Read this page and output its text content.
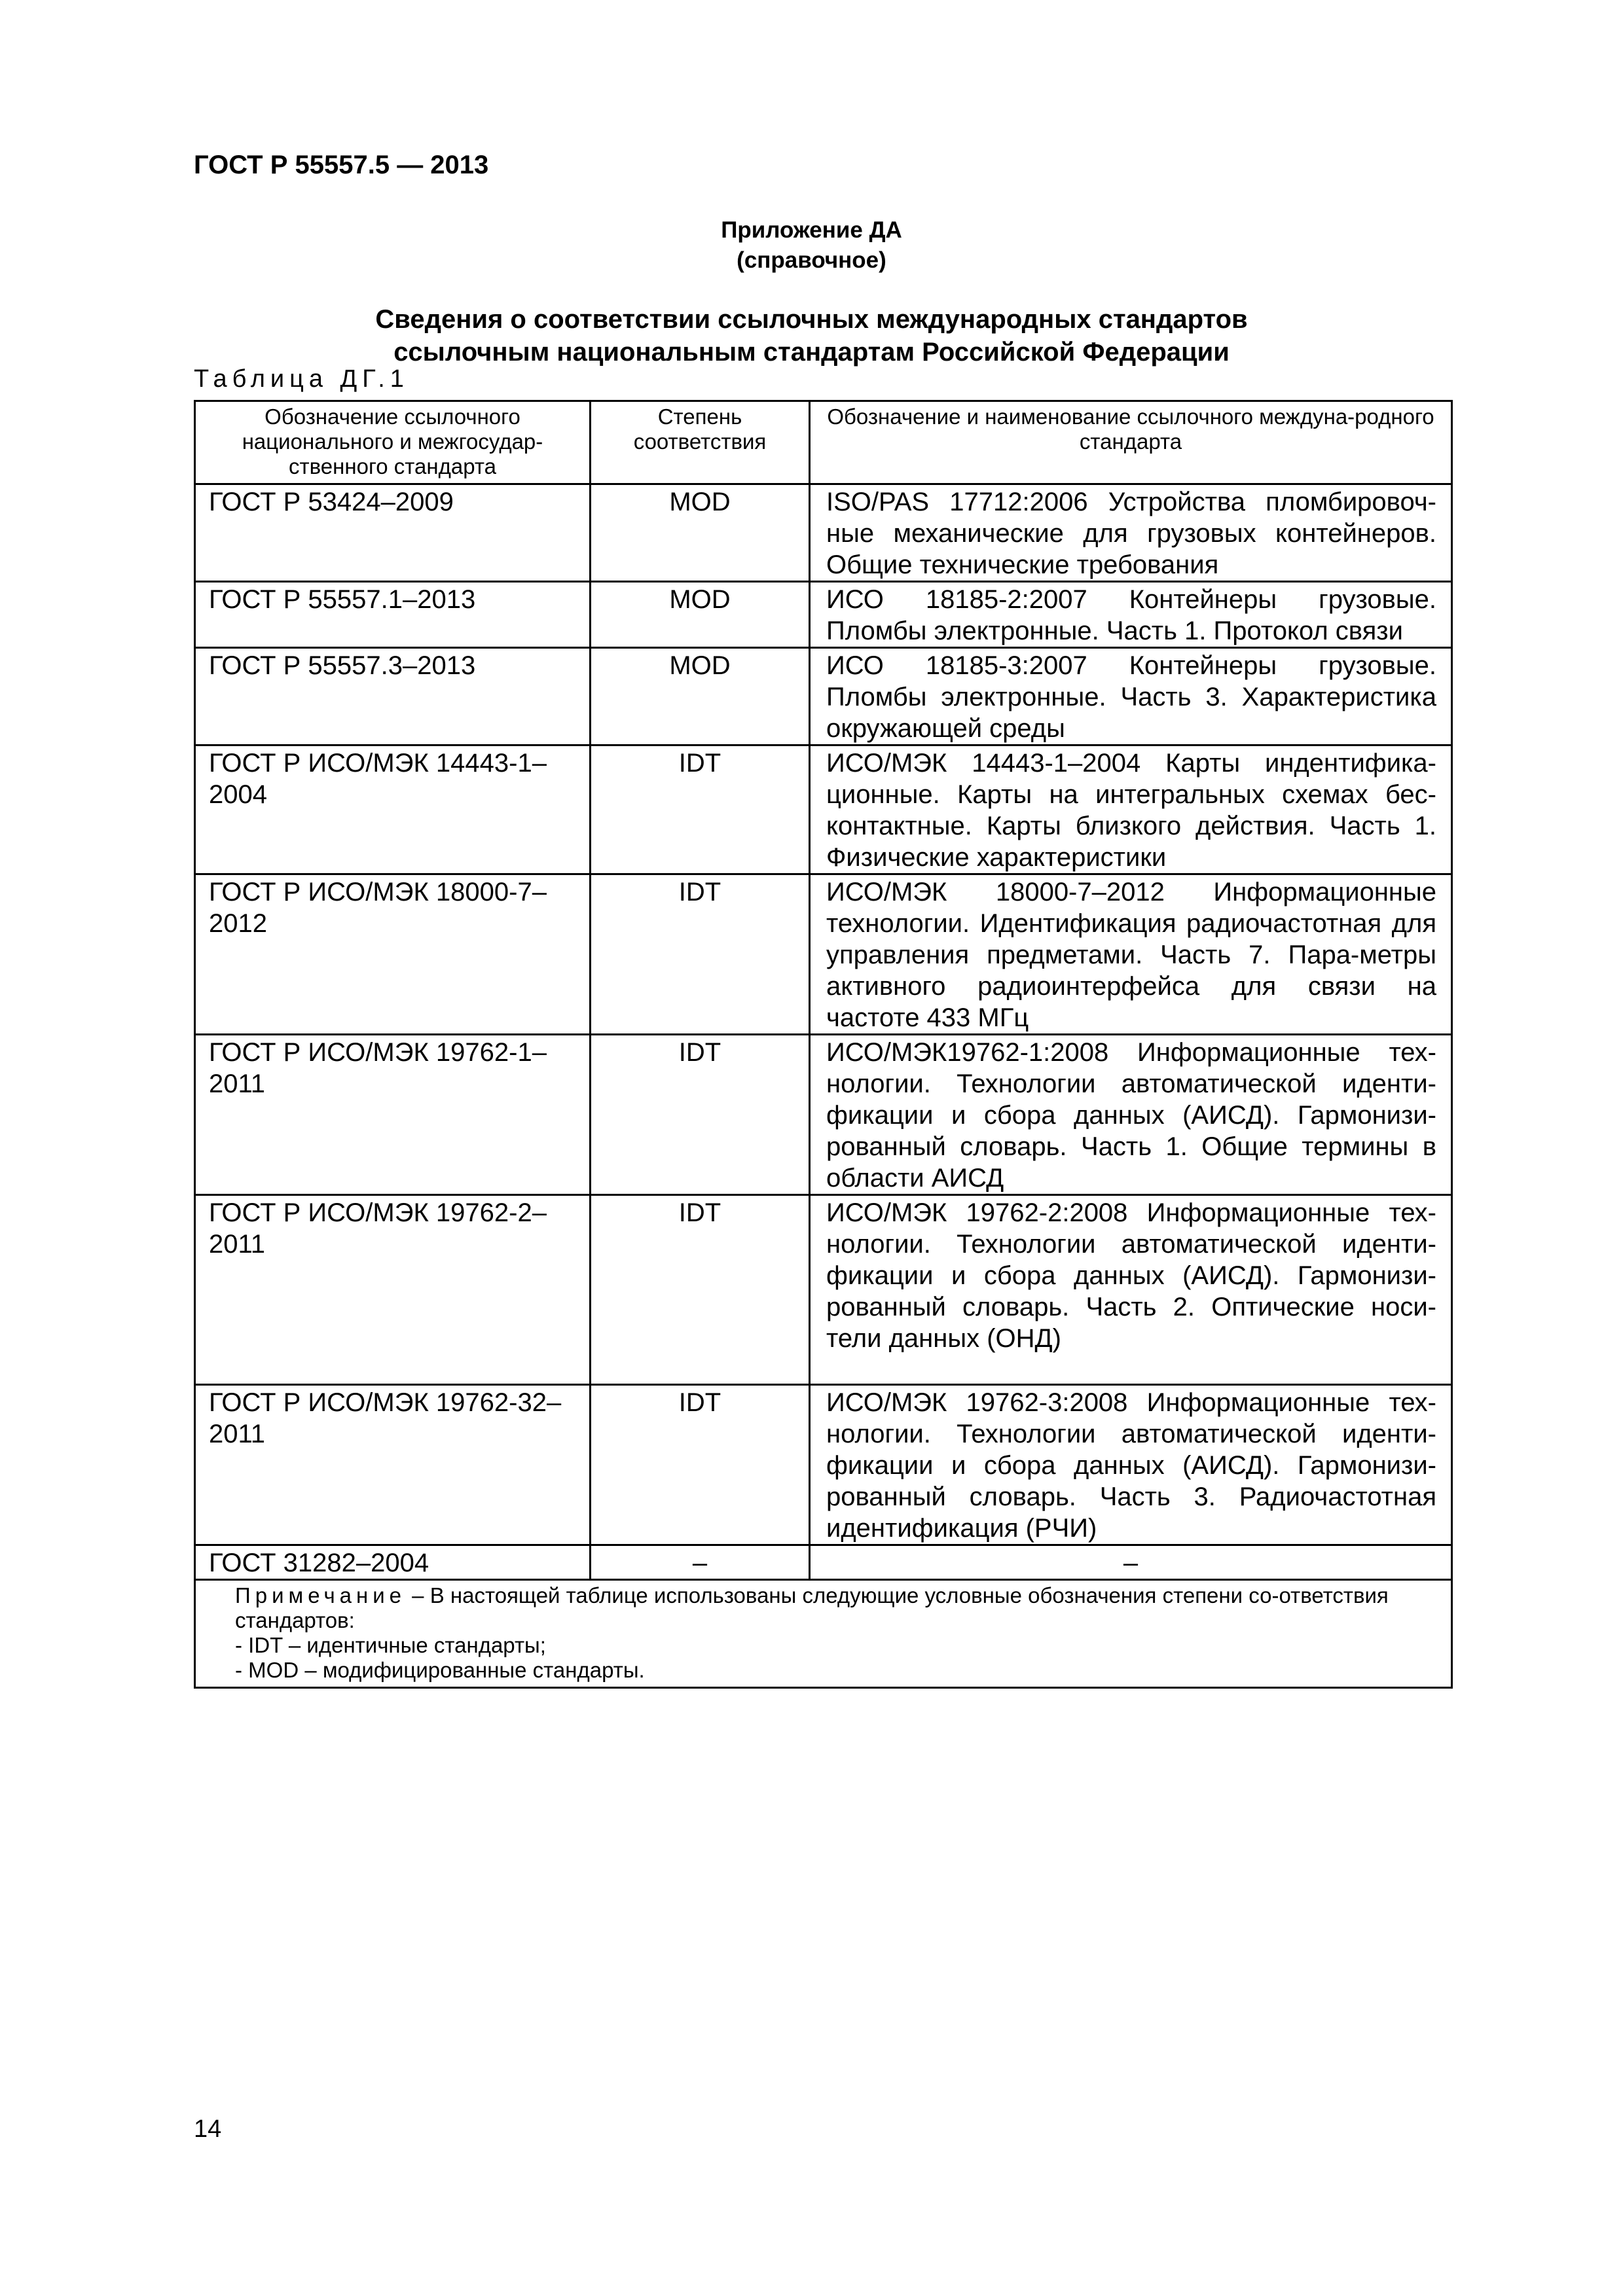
ГОСТ Р 55557.5 — 2013
Приложение ДА
(справочное)
Сведения о соответствии ссылочных международных стандартов
ссылочным национальным стандартам Российской Федерации
Таблица ДГ.1
Обозначение ссылочного национального и межгосудар-ственного стандарта	Степень соответствия	Обозначение и наименование ссылочного междуна-родного стандарта
ГОСТ Р 53424–2009	MOD	ISO/PAS 17712:2006 Устройства пломбировоч-ные механические для грузовых контейнеров. Общие технические требования
ГОСТ Р 55557.1–2013	MOD	ИСО 18185-2:2007 Контейнеры грузовые. Пломбы электронные. Часть 1. Протокол связи
ГОСТ Р 55557.3–2013	MOD	ИСО 18185-3:2007 Контейнеры грузовые. Пломбы электронные. Часть 3. Характеристика окружающей среды
ГОСТ Р ИСО/МЭК 14443-1–2004	IDT	ИСО/МЭК 14443-1–2004 Карты индентифика-ционные. Карты на интегральных схемах бес-контактные. Карты близкого действия. Часть 1. Физические характеристики
ГОСТ Р ИСО/МЭК 18000-7–2012	IDT	ИСО/МЭК 18000-7–2012 Информационные технологии. Идентификация радиочастотная для управления предметами. Часть 7. Пара-метры активного радиоинтерфейса для связи на частоте 433 МГц
ГОСТ Р ИСО/МЭК 19762-1–2011	IDT	ИСО/МЭК19762-1:2008 Информационные тех-нологии. Технологии автоматической иденти-фикации и сбора данных (АИСД). Гармонизи-рованный словарь. Часть 1. Общие термины в области АИСД
ГОСТ Р ИСО/МЭК 19762-2–2011	IDT	ИСО/МЭК 19762-2:2008 Информационные тех-нологии. Технологии автоматической иденти-фикации и сбора данных (АИСД). Гармонизи-рованный словарь. Часть 2. Оптические носи-тели данных (ОНД)
ГОСТ Р ИСО/МЭК 19762-32– 2011	IDT	ИСО/МЭК 19762-3:2008 Информационные тех-нологии. Технологии автоматической иденти-фикации и сбора данных (АИСД). Гармонизи-рованный словарь. Часть 3. Радиочастотная идентификация (РЧИ)
ГОСТ 31282–2004	–	–

Примечание – В настоящей таблице использованы следующие условные обозначения степени со-ответствия стандартов:
- IDT – идентичные стандарты;
- MOD – модифицированные стандарты.		
14
